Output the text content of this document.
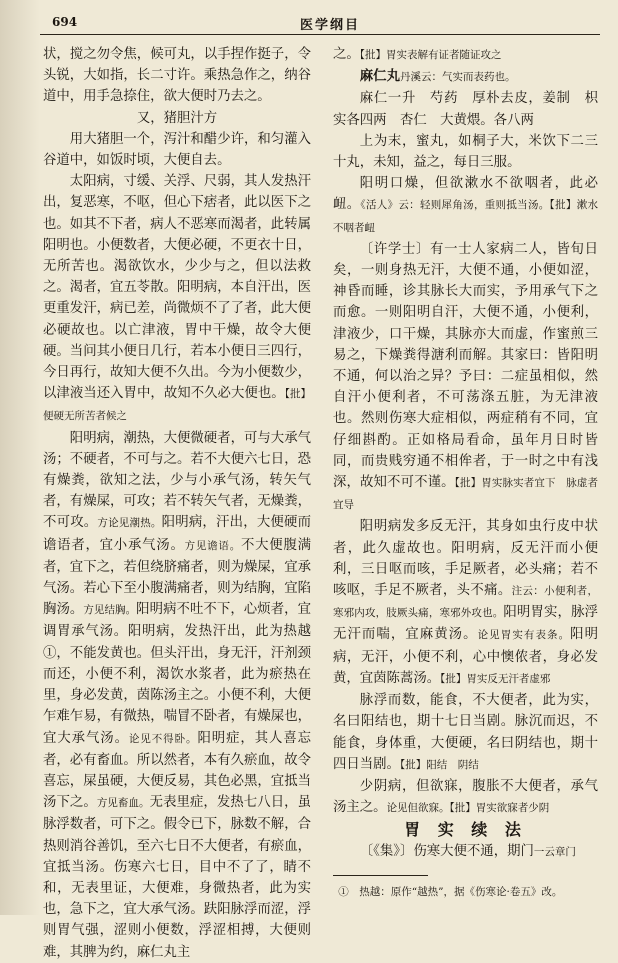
694	医学纲目

状，搅之勿令焦，候可丸，以手捏作挺子，令头锐，大如指，长二寸许。乘热急作之，纳谷道中，用手急捺住，欲大便时乃去之。

又，猪胆汁方

用大猪胆一个，泻汁和醋少许，和匀灌入谷道中，如饭时顷，大便自去。

太阳病，寸缓、关浮、尺弱，其人发热汗出，复恶寒，不呕，但心下痞者，此以医下之也。如其不下者，病人不恶寒而渴者，此转属阳明也。小便数者，大便必硬，不更衣十日，无所苦也。渴欲饮水，少少与之，但以法救之。渴者，宜五苓散。阳明病，本自汗出，医更重发汗，病已差，尚微烦不了了者，此大便必硬故也。以亡津液，胃中干燥，故令大便硬。当问其小便日几行，若本小便日三四行，今日再行，故知大便不久出。今为小便数少，以津液当还入胃中，故知不久必大便也。【批】便硬无所苦者候之

阳明病，潮热，大便微硬者，可与大承气汤；不硬者，不可与之。若不大便六七日，恐有燥粪，欲知之法，少与小承气汤，转矢气者，有燥屎，可攻；若不转矢气者，无燥粪，不可攻。方论见潮热。阳明病，汗出，大便硬而谵语者，宜小承气汤。方见谵语。不大便腹满者，宜下之，若但绕脐痛者，则为燥屎，宜承气汤。若心下至小腹满痛者，则为结胸，宜陷胸汤。方见结胸。阳明病不吐不下，心烦者，宜调胃承气汤。阳明病，发热汗出，此为热越①，不能发黄也。但头汗出，身无汗，汗剂颈而还，小便不利，渴饮水浆者，此为瘀热在里，身必发黄，茵陈汤主之。小便不利，大便乍难乍易，有微热，喘冒不卧者，有燥屎也，宜大承气汤。论见不得卧。阳明症，其人喜忘者，必有畜血。所以然者，本有久瘀血，故令喜忘，屎虽硬，大便反易，其色必黑，宜抵当汤下之。方见畜血。无表里症，发热七八日，虽脉浮数者，可下之。假令已下，脉数不解，合热则消谷善饥，至六七日不大便者，有瘀血，宜抵当汤。伤寒六七日，目中不了了，睛不和，无表里证，大便难，身微热者，此为实也，急下之，宜大承气汤。趺阳脉浮而涩，浮则胃气强，涩则小便数，浮涩相搏，大便则难，其脾为约，麻仁丸主

之。【批】胃实表解有证者随证攻之

麻仁丸丹溪云：气实而表药也。

麻仁一升　芍药　厚朴去皮，姜制　枳实各四两　杏仁　大黄煨。各八两

上为末，蜜丸，如桐子大，米饮下二三十丸，未知，益之，每日三服。

阳明口燥，但欲漱水不欲咽者，此必衄。《活人》云：轻则犀角汤，重则抵当汤。【批】漱水不咽者衄

〔许学士〕有一士人家病二人，皆旬日矣，一则身热无汗，大便不通，小便如涩，神昏而睡，诊其脉长大而实，予用承气下之而愈。一则阳明自汗，大便不通，小便利，津液少，口干燥，其脉亦大而虚，作蜜煎三易之，下燥粪得溏利而解。其家曰：皆阳明不通，何以治之异？予曰：二症虽相似，然自汗小便利者，不可荡涤五脏，为无津液也。然则伤寒大症相似，两症稍有不同，宜仔细斟酌。正如格局看命，虽年月日时皆同，而贵贱穷通不相侔者，于一时之中有浅深，故知不可不谨。【批】胃实脉实者宜下　脉虚者宜导

阳明病发多反无汗，其身如虫行皮中状者，此久虚故也。阳明病，反无汗而小便利，三日呕而咳，手足厥者，必头痛；若不咳呕，手足不厥者，头不痛。注云：小便利者，寒邪内攻，肢厥头痛，寒邪外攻也。阳明胃实，脉浮无汗而喘，宜麻黄汤。论见胃实有表条。阳明病，无汗，小便不利，心中懊侬者，身必发黄，宜茵陈蒿汤。【批】胃实反无汗者虚邪

脉浮而数，能食，不大便者，此为实，名曰阳结也，期十七日当剧。脉沉而迟，不能食，身体重，大便硬，名曰阴结也，期十四日当剧。【批】阳结　阴结

少阴病，但欲寐，腹胀不大便者，承气汤主之。论见但欲寐。【批】胃实欲寐者少阴

胃 实 续 法

〔《集》〕伤寒大便不通，期门一云章门

①　热越：原作“越热”，据《伤寒论·卷五》改。
